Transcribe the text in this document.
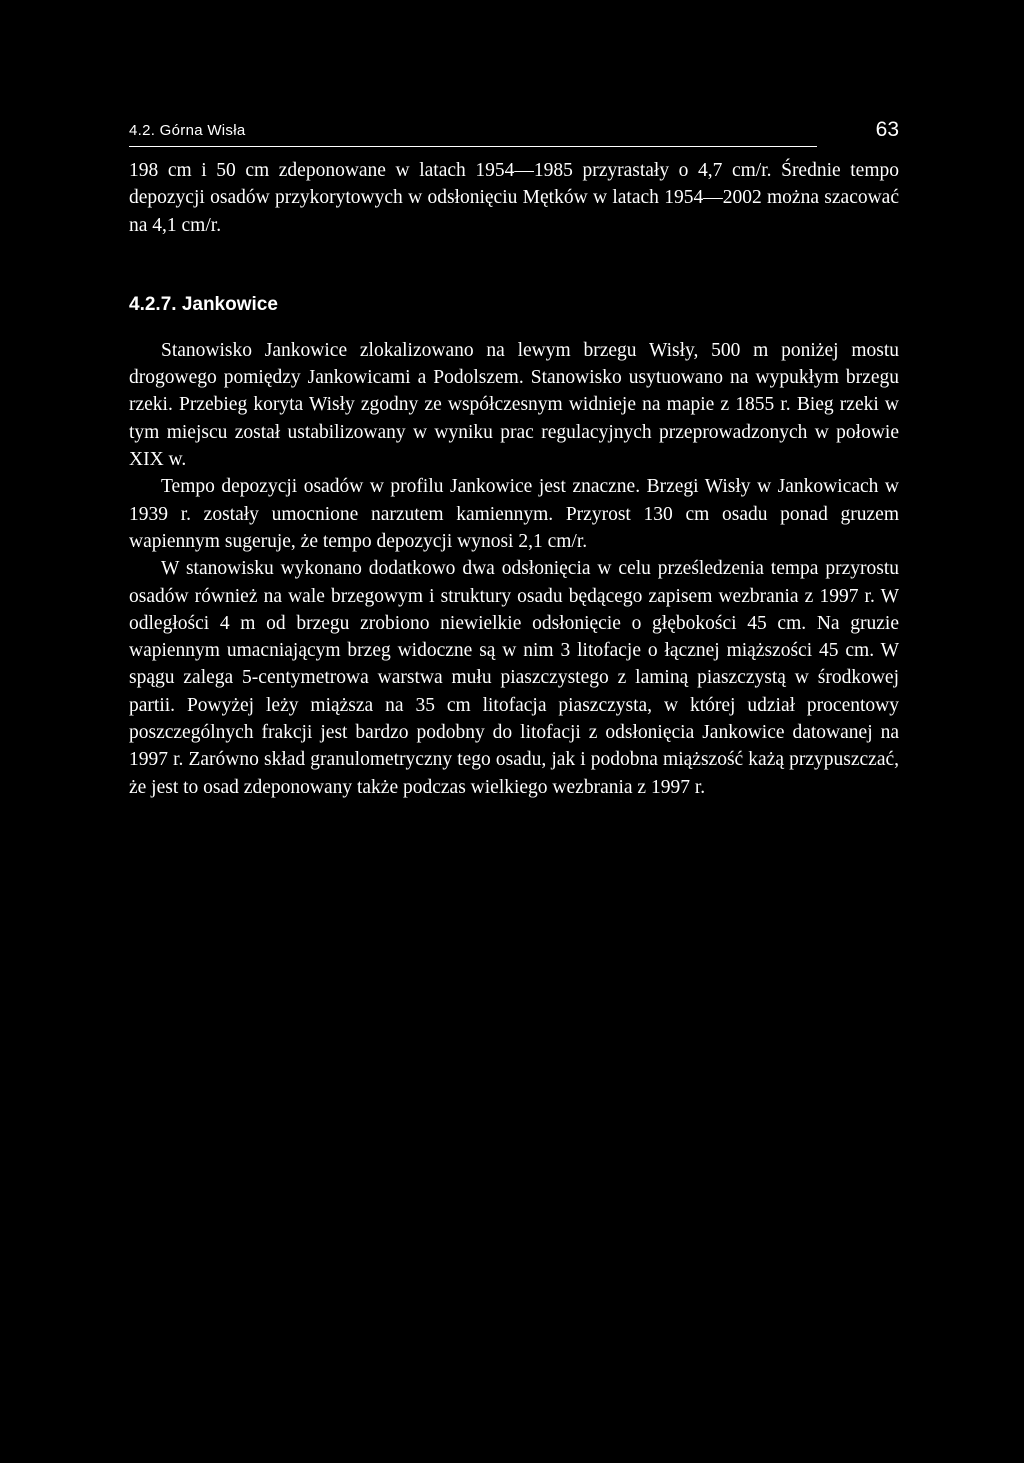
4.2. Górna Wisła	63

198 cm i 50 cm zdeponowane w latach 1954—1985 przyrastały o 4,7 cm/r. Średnie tempo depozycji osadów przykorytowych w odsłonięciu Mętków w latach 1954—2002 można szacować na 4,1 cm/r.

4.2.7. Jankowice

Stanowisko Jankowice zlokalizowano na lewym brzegu Wisły, 500 m poniżej mostu drogowego pomiędzy Jankowicami a Podolszem. Stanowisko usytuowano na wypukłym brzegu rzeki. Przebieg koryta Wisły zgodny ze współczesnym widnieje na mapie z 1855 r. Bieg rzeki w tym miejscu został ustabilizowany w wyniku prac regulacyjnych przeprowadzonych w połowie XIX w.

Tempo depozycji osadów w profilu Jankowice jest znaczne. Brzegi Wisły w Jankowicach w 1939 r. zostały umocnione narzutem kamiennym. Przyrost 130 cm osadu ponad gruzem wapiennym sugeruje, że tempo depozycji wynosi 2,1 cm/r.

W stanowisku wykonano dodatkowo dwa odsłonięcia w celu prześledzenia tempa przyrostu osadów również na wale brzegowym i struktury osadu będącego zapisem wezbrania z 1997 r. W odległości 4 m od brzegu zrobiono niewielkie odsłonięcie o głębokości 45 cm. Na gruzie wapiennym umacniającym brzeg widoczne są w nim 3 litofacje o łącznej miąższości 45 cm. W spągu zalega 5-centymetrowa warstwa mułu piaszczystego z laminą piaszczystą w środkowej partii. Powyżej leży miąższa na 35 cm litofacja piaszczysta, w której udział procentowy poszczególnych frakcji jest bardzo podobny do litofacji z odsłonięcia Jankowice datowanej na 1997 r. Zarówno skład granulometryczny tego osadu, jak i podobna miąższość każą przypuszczać, że jest to osad zdeponowany także podczas wielkiego wezbrania z 1997 r.
